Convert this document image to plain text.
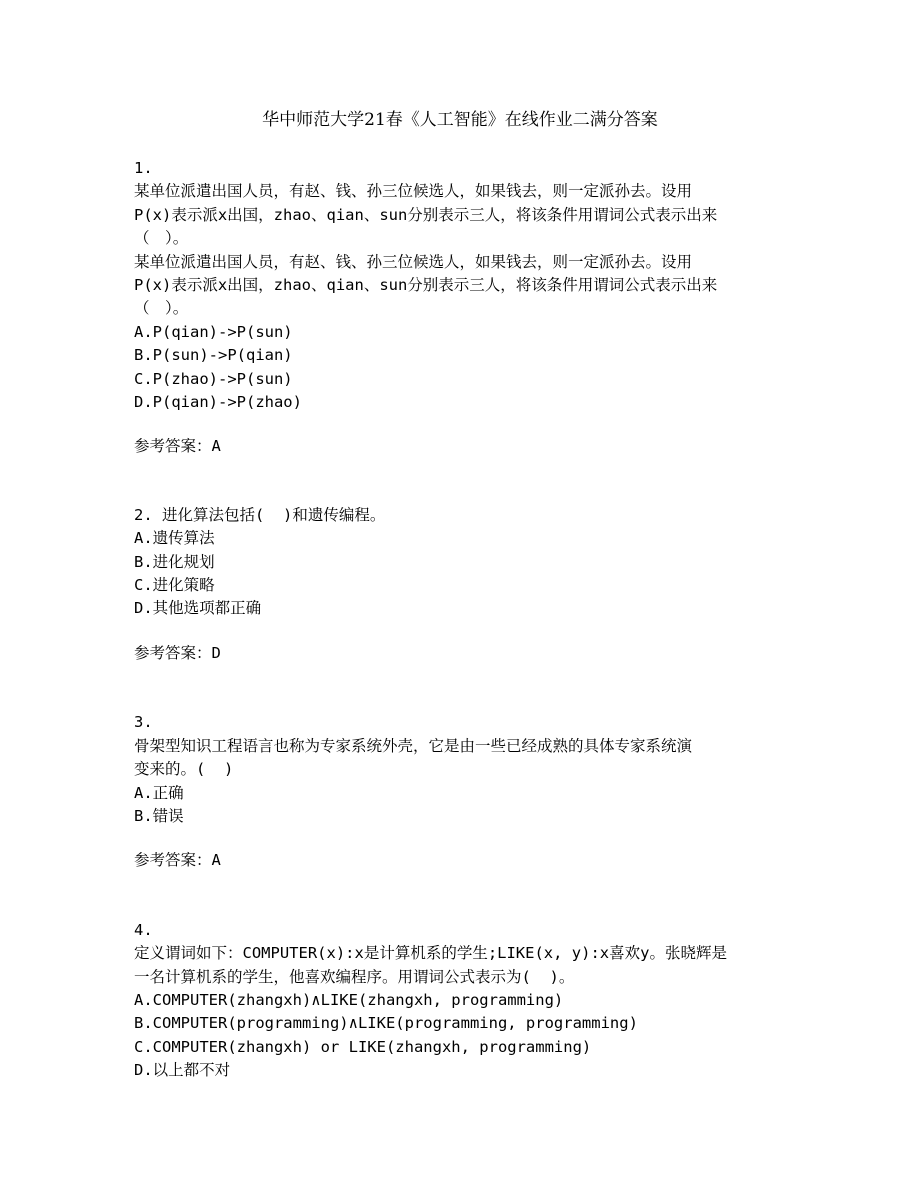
华中师范大学21春《人工智能》在线作业二满分答案
1.
某单位派遣出国人员，有赵、钱、孙三位候选人，如果钱去，则一定派孙去。设用
P(x)表示派x出国，zhao、qian、sun分别表示三人，将该条件用谓词公式表示出来
（　）。
某单位派遣出国人员，有赵、钱、孙三位候选人，如果钱去，则一定派孙去。设用
P(x)表示派x出国，zhao、qian、sun分别表示三人，将该条件用谓词公式表示出来
（　）。
A.P(qian)->P(sun)
B.P(sun)->P(qian)
C.P(zhao)->P(sun)
D.P(qian)->P(zhao)
参考答案：A
2. 进化算法包括(  )和遗传编程。
A.遗传算法
B.进化规划
C.进化策略
D.其他选项都正确
参考答案：D
3.
骨架型知识工程语言也称为专家系统外壳，它是由一些已经成熟的具体专家系统演
变来的。(  )
A.正确
B.错误
参考答案：A
4.
定义谓词如下：COMPUTER(x):x是计算机系的学生;LIKE(x, y):x喜欢y。张晓辉是
一名计算机系的学生，他喜欢编程序。用谓词公式表示为(  )。
A.COMPUTER(zhangxh)∧LIKE(zhangxh, programming)
B.COMPUTER(programming)∧LIKE(programming, programming)
C.COMPUTER(zhangxh) or LIKE(zhangxh, programming)
D.以上都不对
